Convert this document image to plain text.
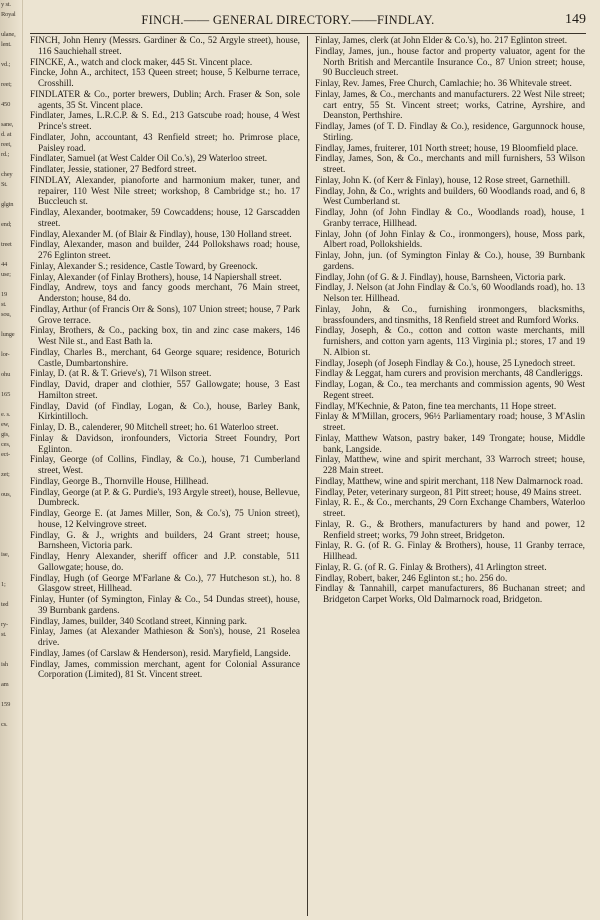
y st.
Royal

ulane,
lent.

vd.;

reet;

450

sane,
d. at
reet,
rd.;

chey
St.

glgin

end;

treet

44
use;

19
st.
sou,

lunge

lor-

ohu

165

e. s.
ew,
gis,
ces,
ect-

zet;

ous,

ise,

1;

ted

ry-
st.

ish

am

159

cs.
FINCH.—— GENERAL DIRECTORY.——FINDLAY.	149

FINCH, John Henry (Messrs. Gardiner & Co., 52 Argyle street), house, 116 Sauchiehall street.

FINCKE, A., watch and clock maker, 445 St. Vincent place.

Fincke, John A., architect, 153 Queen street; house, 5 Kelburne terrace, Crosshill.

FINDLATER & Co., porter brewers, Dublin; Arch. Fraser & Son, sole agents, 35 St. Vincent place.

Findlater, James, L.R.C.P. & S. Ed., 213 Gatscube road; house, 4 West Prince's street.

Findlater, John, accountant, 43 Renfield street; ho. Primrose place, Paisley road.

Findlater, Samuel (at West Calder Oil Co.'s), 29 Waterloo street.

Findlater, Jessie, stationer, 27 Bedford street.

FINDLAY, Alexander, pianoforte and harmonium maker, tuner, and repairer, 110 West Nile street; workshop, 8 Cambridge st.; ho. 17 Buccleuch st.

Findlay, Alexander, bootmaker, 59 Cowcaddens; house, 12 Garscadden street.

Findlay, Alexander M. (of Blair & Findlay), house, 130 Holland street.

Findlay, Alexander, mason and builder, 244 Pollokshaws road; house, 276 Eglinton street.

Finlay, Alexander S.; residence, Castle Toward, by Greenock.

Finlay, Alexander (of Finlay Brothers), house, 14 Napiershall street.

Findlay, Andrew, toys and fancy goods merchant, 76 Main street, Anderston; house, 84 do.

Findlay, Arthur (of Francis Orr & Sons), 107 Union street; house, 7 Park Grove terrace.

Finlay, Brothers, & Co., packing box, tin and zinc case makers, 146 West Nile st., and East Bath la.

Findlay, Charles B., merchant, 64 George square; residence, Boturich Castle, Dumbartonshire.

Finlay, D. (at R. & T. Grieve's), 71 Wilson street.

Findlay, David, draper and clothier, 557 Gallowgate; house, 3 East Hamilton street.

Findlay, David (of Findlay, Logan, & Co.), house, Barley Bank, Kirkintilloch.

Finlay, D. B., calenderer, 90 Mitchell street; ho. 61 Waterloo street.

Finlay & Davidson, ironfounders, Victoria Street Foundry, Port Eglinton.

Finlay, George (of Collins, Findlay, & Co.), house, 71 Cumberland street, West.

Findlay, George B., Thornville House, Hillhead.

Findlay, George (at P. & G. Purdie's, 193 Argyle street), house, Bellevue, Dumbreck.

Findlay, George E. (at James Miller, Son, & Co.'s), 75 Union street), house, 12 Kelvingrove street.

Findlay, G. & J., wrights and builders, 24 Grant street; house, Barnsheen, Victoria park.

Findlay, Henry Alexander, sheriff officer and J.P. constable, 511 Gallowgate; house, do.

Findlay, Hugh (of George M'Farlane & Co.), 77 Hutcheson st.), ho. 8 Glasgow street, Hillhead.

Finlay, Hunter (of Symington, Finlay & Co., 54 Dundas street), house, 39 Burnbank gardens.

Findlay, James, builder, 340 Scotland street, Kinning park.

Finlay, James (at Alexander Mathieson & Son's), house, 21 Roselea drive.

Findlay, James (of Carslaw & Henderson), resid. Maryfield, Langside.

Findlay, James, commission merchant, agent for Colonial Assurance Corporation (Limited), 81 St. Vincent street.

Finlay, James, clerk (at John Elder & Co.'s), ho. 217 Eglinton street.

Findlay, James, jun., house factor and property valuator, agent for the North British and Mercantile Insurance Co., 87 Union street; house, 90 Buccleuch street.

Finlay, Rev. James, Free Church, Camlachie; ho. 36 Whitevale street.

Finlay, James, & Co., merchants and manufacturers. 22 West Nile street; cart entry, 55 St. Vincent street; works, Catrine, Ayrshire, and Deanston, Perthshire.

Findlay, James (of T. D. Findlay & Co.), residence, Gargunnock house, Stirling.

Findlay, James, fruiterer, 101 North street; house, 19 Bloomfield place.

Findlay, James, Son, & Co., merchants and mill furnishers, 53 Wilson street.

Finlay, John K. (of Kerr & Finlay), house, 12 Rose street, Garnethill.

Findlay, John, & Co., wrights and builders, 60 Woodlands road, and 6, 8 West Cumberland st.

Findlay, John (of John Findlay & Co., Woodlands road), house, 1 Granby terrace, Hillhead.

Finlay, John (of John Finlay & Co., ironmongers), house, Moss park, Albert road, Pollokshields.

Finlay, John, jun. (of Symington Finlay & Co.), house, 39 Burnbank gardens.

Findlay, John (of G. & J. Findlay), house, Barnsheen, Victoria park.

Findlay, J. Nelson (at John Findlay & Co.'s, 60 Woodlands road), ho. 13 Nelson ter. Hillhead.

Finlay, John, & Co., furnishing ironmongers, blacksmiths, brassfounders, and tinsmiths, 18 Renfield street and Rumford Works.

Findlay, Joseph, & Co., cotton and cotton waste merchants, mill furnishers, and cotton yarn agents, 113 Virginia pl.; stores, 17 and 19 N. Albion st.

Findlay, Joseph (of Joseph Findlay & Co.), house, 25 Lynedoch street.

Findlay & Leggat, ham curers and provision merchants, 48 Candleriggs.

Findlay, Logan, & Co., tea merchants and commission agents, 90 West Regent street.

Findlay, M'Kechnie, & Paton, fine tea merchants, 11 Hope street.

Finlay & M'Millan, grocers, 96½ Parliamentary road; house, 3 M'Aslin street.

Finlay, Matthew Watson, pastry baker, 149 Trongate; house, Middle bank, Langside.

Finlay, Matthew, wine and spirit merchant, 33 Warroch street; house, 228 Main street.

Findlay, Matthew, wine and spirit merchant, 118 New Dalmarnock road.

Findlay, Peter, veterinary surgeon, 81 Pitt street; house, 49 Mains street.

Finlay, R. E., & Co., merchants, 29 Corn Exchange Chambers, Waterloo street.

Finlay, R. G., & Brothers, manufacturers by hand and power, 12 Renfield street; works, 79 John street, Bridgeton.

Finlay, R. G. (of R. G. Finlay & Brothers), house, 11 Granby terrace, Hillhead.

Finlay, R. G. (of R. G. Finlay & Brothers), 41 Arlington street.

Findlay, Robert, baker, 246 Eglinton st.; ho. 256 do.

Findlay & Tannahill, carpet manufacturers, 86 Buchanan street; and Bridgeton Carpet Works, Old Dalmarnock road, Bridgeton.
